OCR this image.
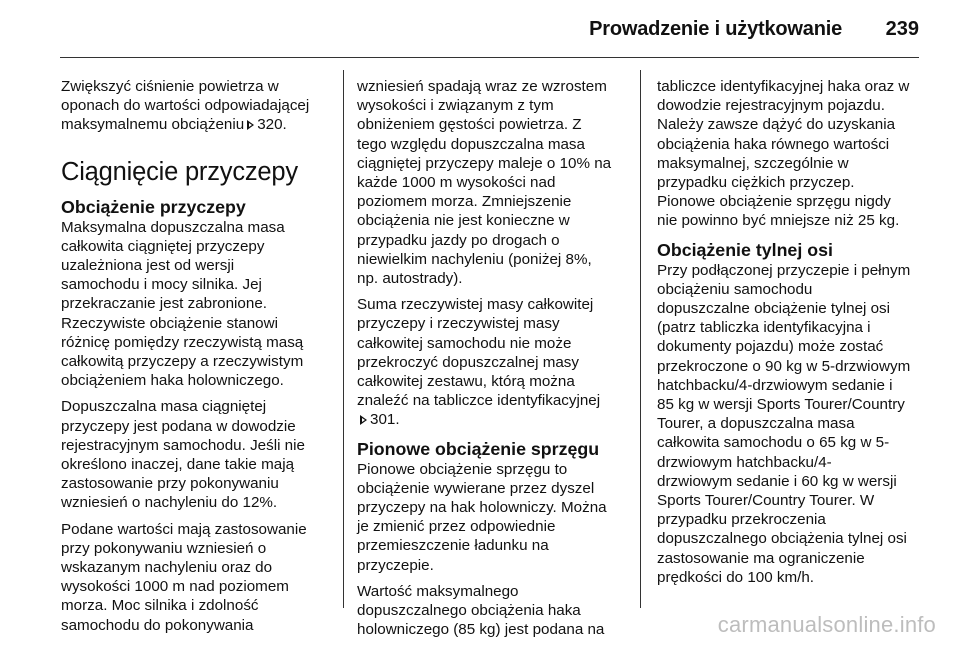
Prowadzenie i użytkowanie 239

Zwiększyć ciśnienie powietrza w
oponach do wartości odpowiadającej
maksymalnemu obciążeniu 320.

Ciągnięcie przyczepy
Obciążenie przyczepy

Maksymalna dopuszczalna masa
całkowita ciągniętej przyczepy
uzależniona jest od wersji
samochodu i mocy silnika. Jej
przekraczanie jest zabronione.
Rzeczywiste obciążenie stanowi
różnicę pomiędzy rzeczywistą masą
całkowitą przyczepy a rzeczywistym
obciążeniem haka holowniczego.

Dopuszczalna masa ciągniętej
przyczepy jest podana w dowodzie
rejestracyjnym samochodu. Jeśli nie
określono inaczej, dane takie mają
zastosowanie przy pokonywaniu
wzniesień o nachyleniu do 12%.

Podane wartości mają zastosowanie
przy pokonywaniu wzniesień o
wskazanym nachyleniu oraz do
wysokości 1000 m nad poziomem
morza. Moc silnika i zdolność
samochodu do pokonywania

wzniesień spadają wraz ze wzrostem
wysokości i związanym z tym
obniżeniem gęstości powietrza. Z
tego względu dopuszczalna masa
ciągniętej przyczepy maleje o 10% na
każde 1000 m wysokości nad
poziomem morza. Zmniejszenie
obciążenia nie jest konieczne w
przypadku jazdy po drogach o
niewielkim nachyleniu (poniżej 8%,
np. autostrady).

Suma rzeczywistej masy całkowitej
przyczepy i rzeczywistej masy
całkowitej samochodu nie może
przekroczyć dopuszczalnej masy
całkowitej zestawu, którą można
znaleźć na tabliczce identyfikacyjnej
301.

Pionowe obciążenie sprzęgu

Pionowe obciążenie sprzęgu to
obciążenie wywierane przez dyszel
przyczepy na hak holowniczy. Można
je zmienić przez odpowiednie
przemieszczenie ładunku na
przyczepie.

Wartość maksymalnego
dopuszczalnego obciążenia haka
holowniczego (85 kg) jest podana na

tabliczce identyfikacyjnej haka oraz w
dowodzie rejestracyjnym pojazdu.
Należy zawsze dążyć do uzyskania
obciążenia haka równego wartości
maksymalnej, szczególnie w
przypadku ciężkich przyczep.
Pionowe obciążenie sprzęgu nigdy
nie powinno być mniejsze niż 25 kg.

Obciążenie tylnej osi

Przy podłączonej przyczepie i pełnym
obciążeniu samochodu
dopuszczalne obciążenie tylnej osi
(patrz tabliczka identyfikacyjna i
dokumenty pojazdu) może zostać
przekroczone o 90 kg w 5-drzwiowym
hatchbacku/4-drzwiowym sedanie i
85 kg w wersji Sports Tourer/Country
Tourer, a dopuszczalna masa
całkowita samochodu o 65 kg w 5-
drzwiowym hatchbacku/4-
drzwiowym sedanie i 60 kg w wersji
Sports Tourer/Country Tourer. W
przypadku przekroczenia
dopuszczalnego obciążenia tylnej osi
zastosowanie ma ograniczenie
prędkości do 100 km/h.

carmanualsonline.info
